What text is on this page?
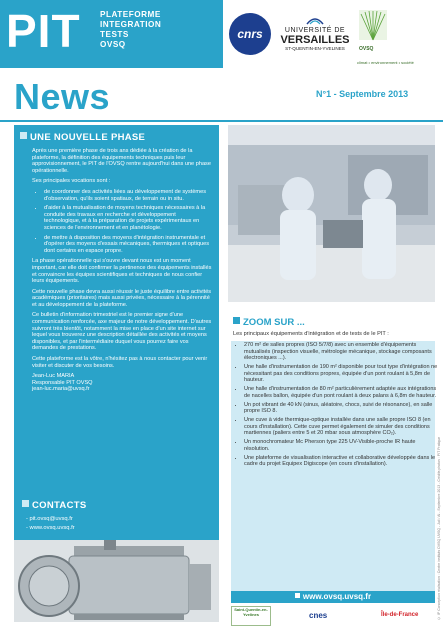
PIT PLATEFORME
INTEGRATION
TESTS
OVSQ
cnrs	UNIVERSITÉ DE
VERSAILLES
ST-QUENTIN-EN-YVELINES	OVSQ
climat • environnement • société
News	N°1 - Septembre 2013
UNE NOUVELLE PHASE

Après une première phase de trois ans dédiée à la création de la plateforme, la définition des équipements techniques puis leur approvisionnement, le PIT de l'OVSQ rentre aujourd'hui dans une phase opérationnelle.

Ses principales vocations sont :

• de coordonner des activités liées au développement de systèmes d'observation, qu'ils soient spatiaux, de terrain ou in situ.
• d'aider à la mutualisation de moyens techniques nécessaires à la conduite des travaux en recherche et développement technologique, et à la préparation de projets expérimentaux en sciences de l'environnement et en planétologie.
• de mettre à disposition des moyens d'intégration instrumentale et d'opérer des moyens d'essais mécaniques, thermiques et optiques dont certains en espace propre.

La phase opérationnelle qui s'ouvre devant nous est un moment important, car elle doit confirmer la pertinence des équipements installés et convaincre les équipes scientifiques et techniques de nous confier leurs équipements.

Cette nouvelle phase devra aussi réussir le juste équilibre entre activités académiques (prioritaires) mais aussi privées, nécessaire à la pérennité et au développement de la plateforme.

Ce bulletin d'information trimestriel est le premier signe d'une communication renforcée, axe majeur de notre développement. D'autres suivront très bientôt, notamment la mise en place d'un site internet sur lequel vous trouverez une description détaillée des activités et moyens disponibles, et par l'intermédiaire duquel vous pourrez faire vos demandes de prestations.

Cette plateforme est la vôtre, n'hésitez pas à nous contacter pour venir visiter et discuter de vos besoins.

Jean-Luc MARIA
Responsable PIT OVSQ
jean-luc.maria@uvsq.fr
CONTACTS
- pit.ovsq@uvsq.fr
- www.ovsq.uvsq.fr
ZOOM SUR ...
Les principaux équipements d'intégration et de tests de le PIT :
• 270 m² de salles propres (ISO 5/7/8) avec un ensemble d'équipements mutualisés (inspection visuelle, métrologie mécanique, stockage composants électroniques ...).
• Une halle d'instrumentation de 190 m² disponible pour tout type d'intégration ne nécessitant pas des conditions propres, équipée d'un pont roulant à 5,8m de hauteur.
• Une halle d'instrumentation de 80 m² particulièrement adaptée aux intégrations de nacelles ballon, équipée d'un pont roulant à deux palans à 6,8m de hauteur.
• Un pot vibrant de 40 kN (sinus, aléatoire, chocs, suivi de résonance), en salle propre ISO 8.
• Une cuve à vide thermique-optique installée dans une salle propre ISO 8 (en cours d'installation). Cette cuve permet également de simuler des conditions martiennes (paliers entre 5 et 20 mbar sous atmosphère CO₂).
• Un monochromateur Mc Pherson type 225 UV-Visible-proche IR haute résolution.
• Une plateforme de visualisation interactive et collaborative développée dans le cadre du projet Equipex Digiscope (en cours d'installation).
www.ovsq.uvsq.fr	© IP Conception réalisation : Centre instituts OVSQ UVSQ - Juil / Al - Septembre 2013 - Crédits photos : PIT Pratique
Saint-Quentin-en-Yvelines	cnes	Île-de-France
